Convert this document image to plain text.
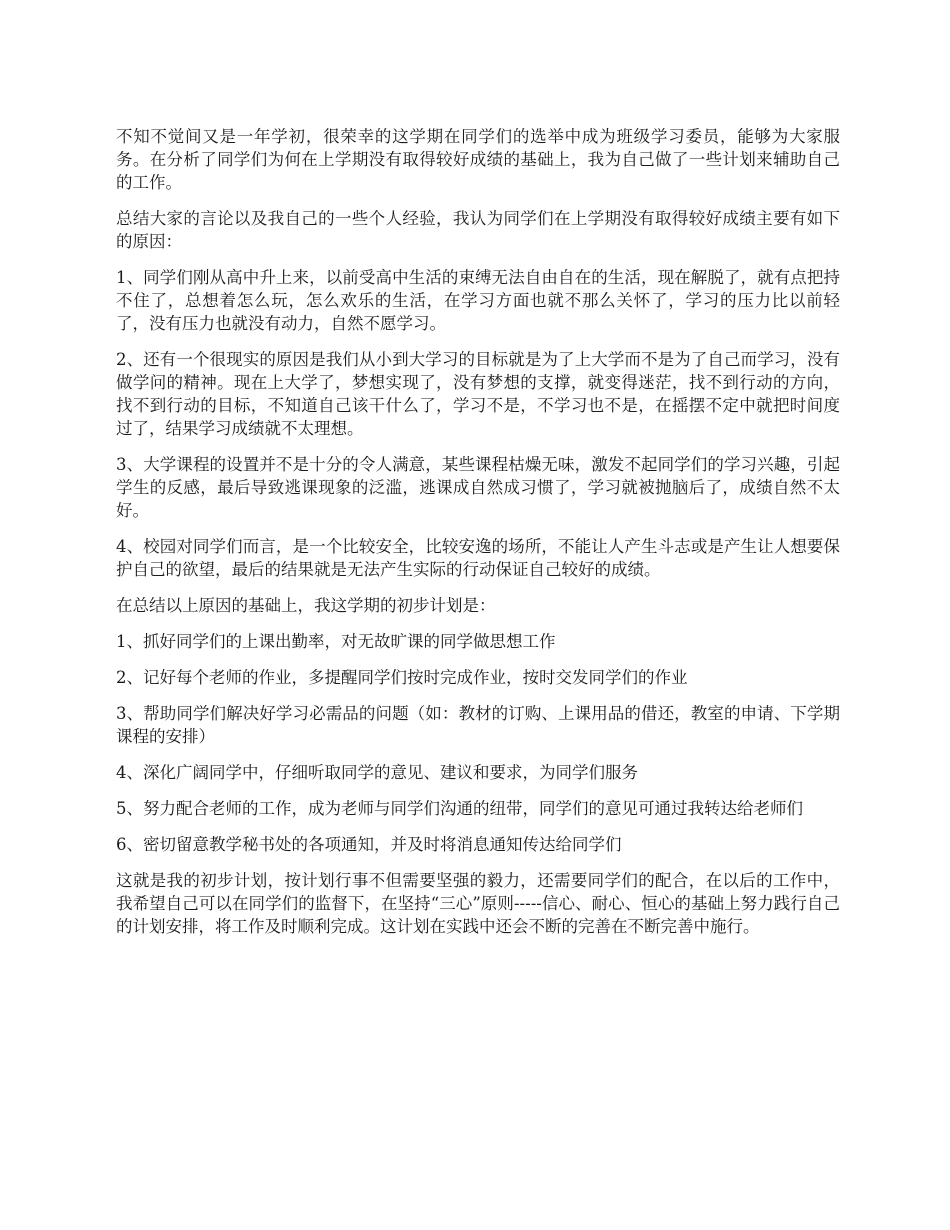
不知不觉间又是一年学初，很荣幸的这学期在同学们的选举中成为班级学习委员，能够为大家服务。在分析了同学们为何在上学期没有取得较好成绩的基础上，我为自己做了一些计划来辅助自己的工作。

总结大家的言论以及我自己的一些个人经验，我认为同学们在上学期没有取得较好成绩主要有如下的原因：

1、同学们刚从高中升上来，以前受高中生活的束缚无法自由自在的生活，现在解脱了，就有点把持不住了，总想着怎么玩，怎么欢乐的生活，在学习方面也就不那么关怀了，学习的压力比以前轻了，没有压力也就没有动力，自然不愿学习。

2、还有一个很现实的原因是我们从小到大学习的目标就是为了上大学而不是为了自己而学习，没有做学问的精神。现在上大学了，梦想实现了，没有梦想的支撑，就变得迷茫，找不到行动的方向，找不到行动的目标，不知道自己该干什么了，学习不是，不学习也不是，在摇摆不定中就把时间度过了，结果学习成绩就不太理想。

3、大学课程的设置并不是十分的令人满意，某些课程枯燥无味，激发不起同学们的学习兴趣，引起学生的反感，最后导致逃课现象的泛滥，逃课成自然成习惯了，学习就被抛脑后了，成绩自然不太好。

4、校园对同学们而言，是一个比较安全，比较安逸的场所，不能让人产生斗志或是产生让人想要保护自己的欲望，最后的结果就是无法产生实际的行动保证自己较好的成绩。

在总结以上原因的基础上，我这学期的初步计划是：

1、抓好同学们的上课出勤率，对无故旷课的同学做思想工作

2、记好每个老师的作业，多提醒同学们按时完成作业，按时交发同学们的作业

3、帮助同学们解决好学习必需品的问题（如：教材的订购、上课用品的借还，教室的申请、下学期课程的安排）

4、深化广阔同学中，仔细听取同学的意见、建议和要求，为同学们服务

5、努力配合老师的工作，成为老师与同学们沟通的纽带，同学们的意见可通过我转达给老师们

6、密切留意教学秘书处的各项通知，并及时将消息通知传达给同学们

这就是我的初步计划，按计划行事不但需要坚强的毅力，还需要同学们的配合，在以后的工作中，我希望自己可以在同学们的监督下，在坚持“三心”原则-----信心、耐心、恒心的基础上努力践行自己的计划安排，将工作及时顺利完成。这计划在实践中还会不断的完善在不断完善中施行。
